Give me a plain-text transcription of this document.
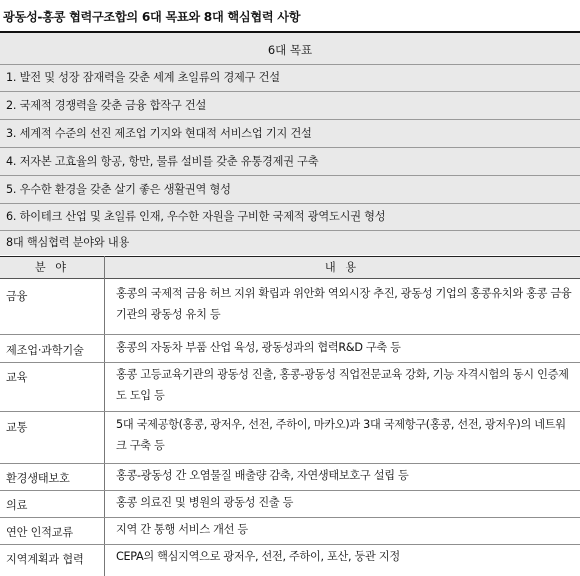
광동성-홍콩 협력구조합의 6대 목표와 8대 핵심협력 사항
6대 목표
1. 발전 및 성장 잠재력을 갖춘 세계 초일류의 경제구 건설
2. 국제적 경쟁력을 갖춘 금융 합작구 건설
3. 세계적 수준의 선진 제조업 기지와 현대적 서비스업 기지 건설
4. 저자본 고효율의 항공, 항만, 물류 설비를 갖춘 유통경제권 구축
5. 우수한 환경을 갖춘 살기 좋은 생활권역 형성
6. 하이테크 산업 및 초일류 인재, 우수한 자원을 구비한 국제적 광역도시권 형성
8대 핵심협력 분야와 내용
분 야	내 용
금융	홍콩의 국제적 금융 허브 지위 확립과 위안화 역외시장 추진, 광동성 기업의 홍콩유치와 홍콩 금융기관의 광동성 유치 등
제조업·과학기술	홍콩의 자동차 부품 산업 육성, 광동성과의 협력R&D 구축 등
교육	홍콩 고등교육기관의 광동성 진출, 홍콩-광동성 직업전문교육 강화, 기능 자격시험의 동시 인증제도 도입 등
교통	5대 국제공항(홍콩, 광저우, 선전, 주하이, 마카오)과 3대 국제항구(홍콩, 선전, 광저우)의 네트워크 구축 등
환경생태보호	홍콩-광동성 간 오염물질 배출량 감축, 자연생태보호구 설립 등
의료	홍콩 의료진 및 병원의 광동성 진출 등
연안 인적교류	지역 간 통행 서비스 개선 등
지역계획과 협력	CEPA의 핵심지역으로 광저우, 선전, 주하이, 포산, 둥관 지정
